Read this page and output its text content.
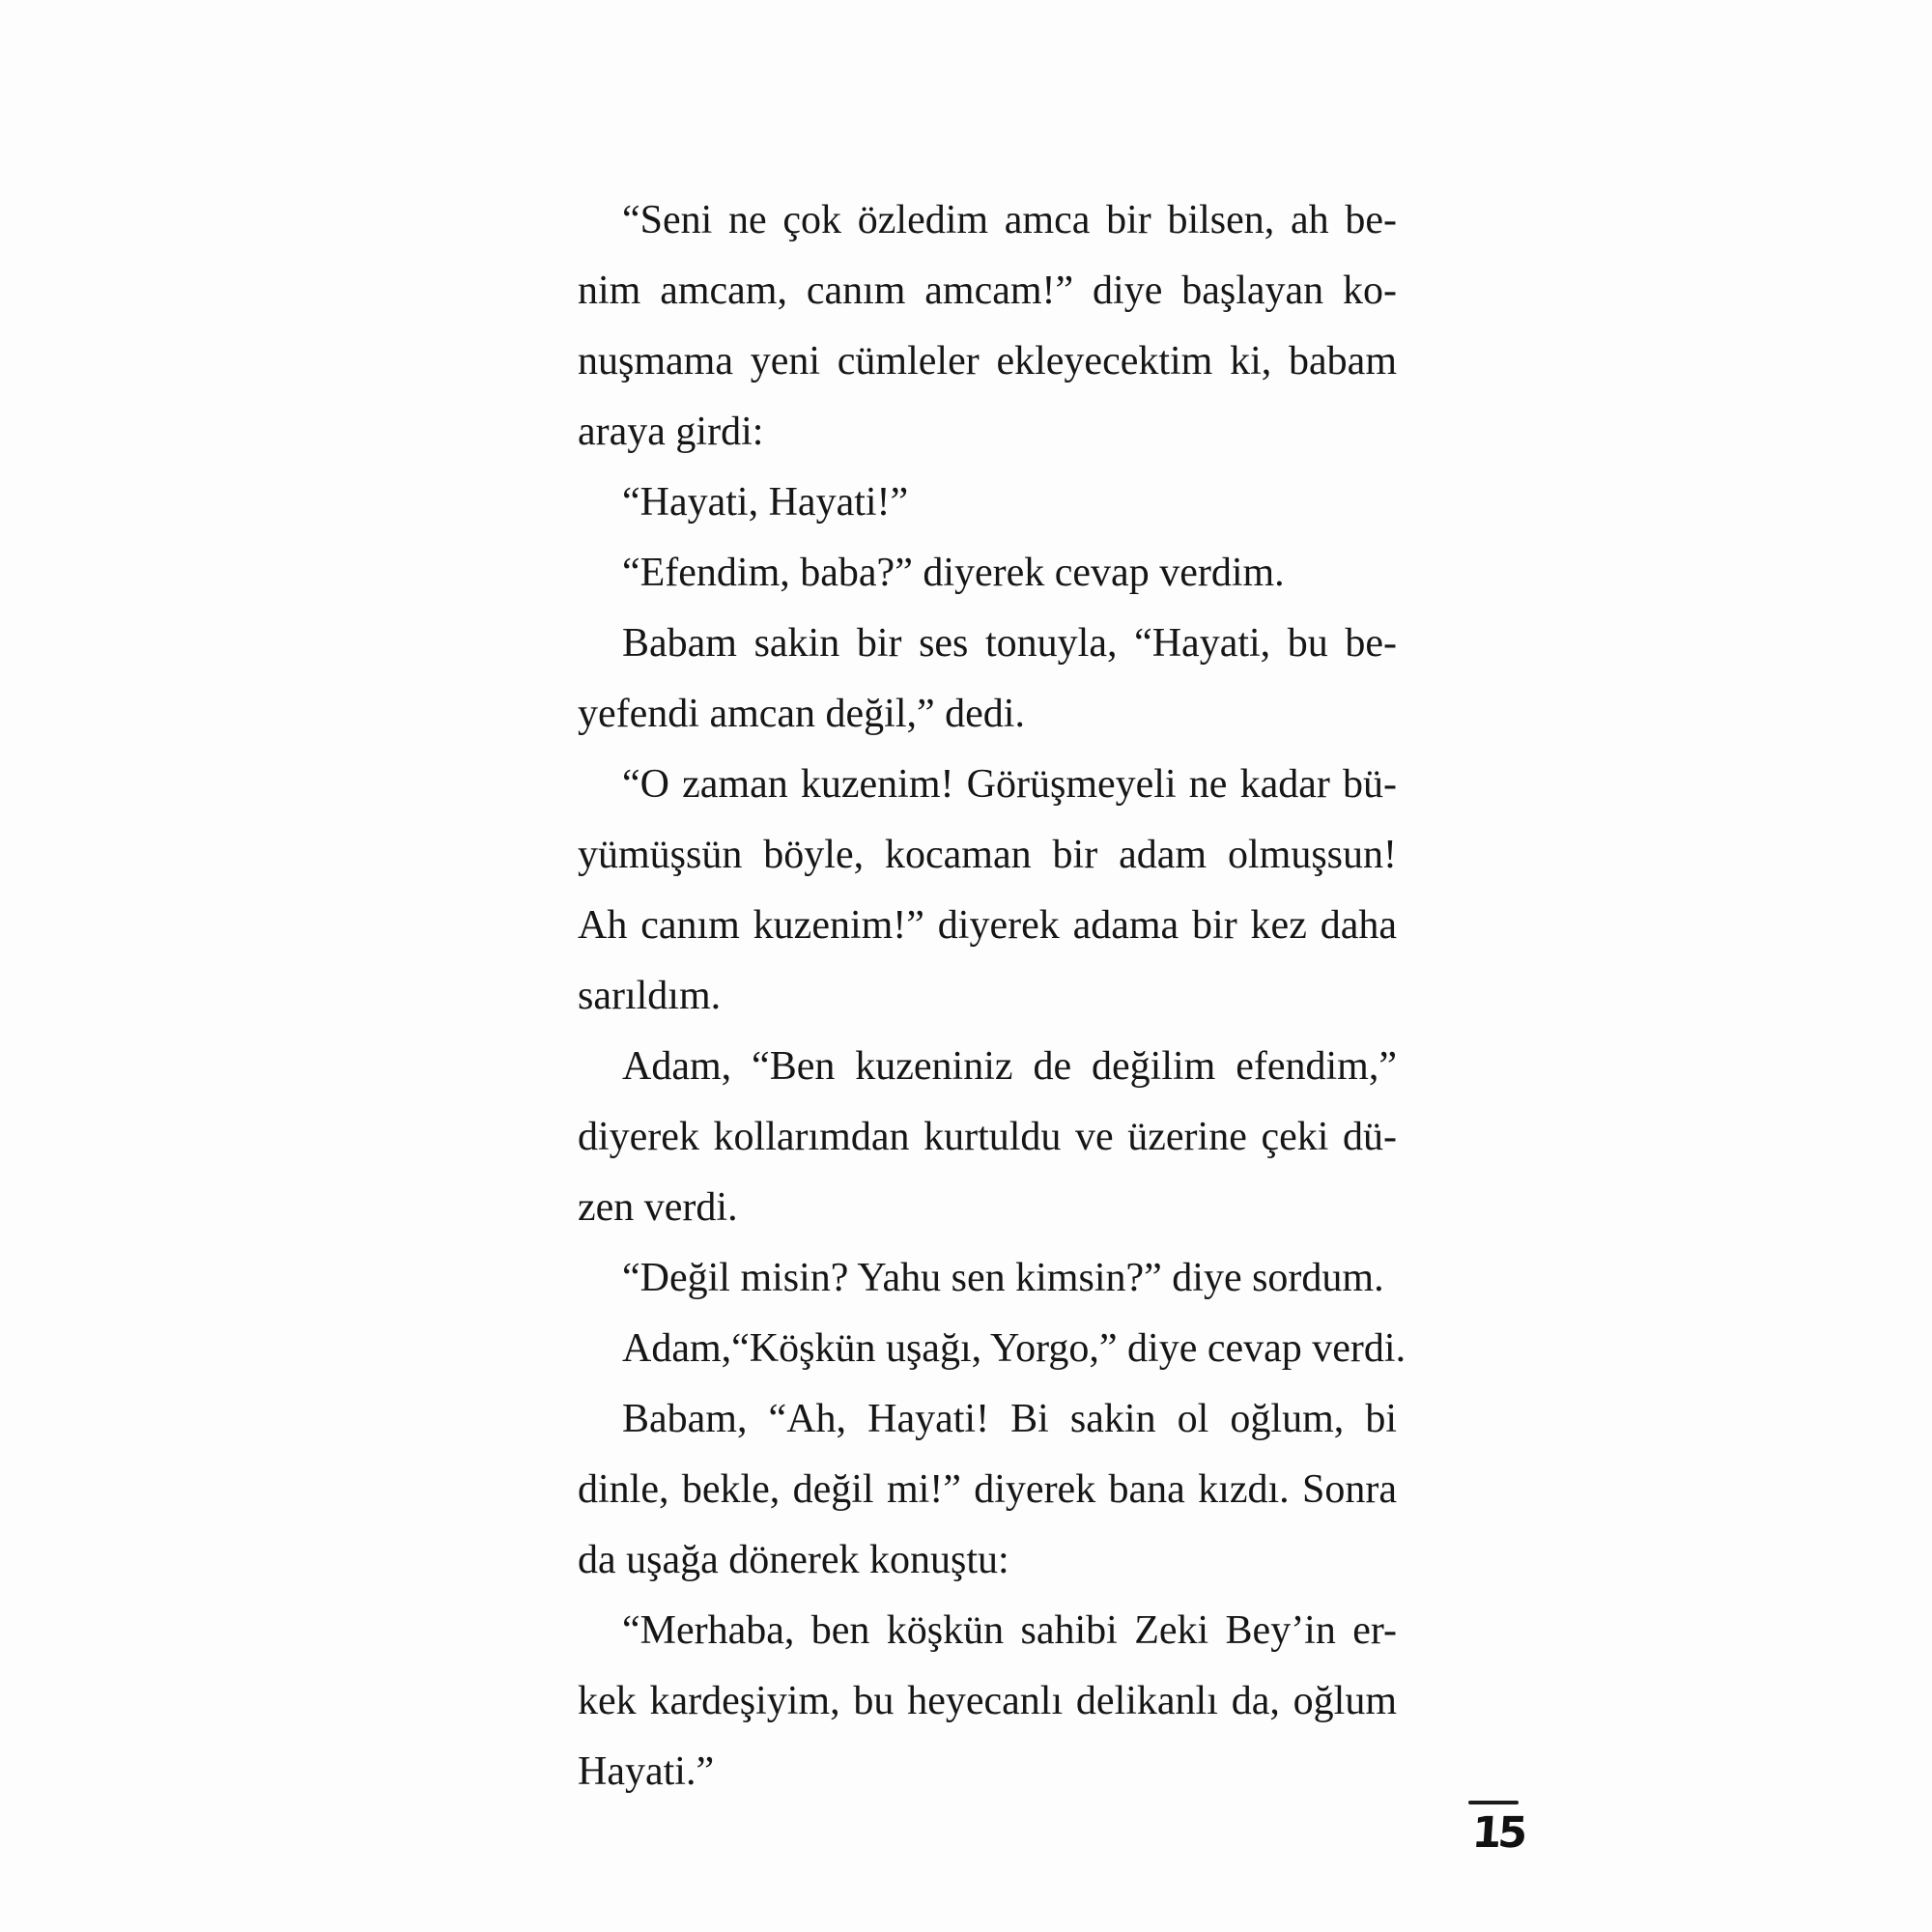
“Seni ne çok özledim amca bir bilsen, ah be-
nim amcam, canım amcam!” diye başlayan ko-
nuşmama yeni cümleler ekleyecektim ki, babam
araya girdi:
“Hayati, Hayati!”
“Efendim, baba?” diyerek cevap verdim.
Babam sakin bir ses tonuyla, “Hayati, bu be-
yefendi amcan değil,” dedi.
“O zaman kuzenim! Görüşmeyeli ne kadar bü-
yümüşsün böyle, kocaman bir adam olmuşsun!
Ah canım kuzenim!” diyerek adama bir kez daha
sarıldım.
Adam, “Ben kuzeniniz de değilim efendim,”
diyerek kollarımdan kurtuldu ve üzerine çeki dü-
zen verdi.
“Değil misin? Yahu sen kimsin?” diye sordum.
Adam,“Köşkün uşağı, Yorgo,” diye cevap verdi.
Babam, “Ah, Hayati! Bi sakin ol oğlum, bi
dinle, bekle, değil mi!” diyerek bana kızdı. Sonra
da uşağa dönerek konuştu:
“Merhaba, ben köşkün sahibi Zeki Bey’in er-
kek kardeşiyim, bu heyecanlı delikanlı da, oğlum
Hayati.”
15
